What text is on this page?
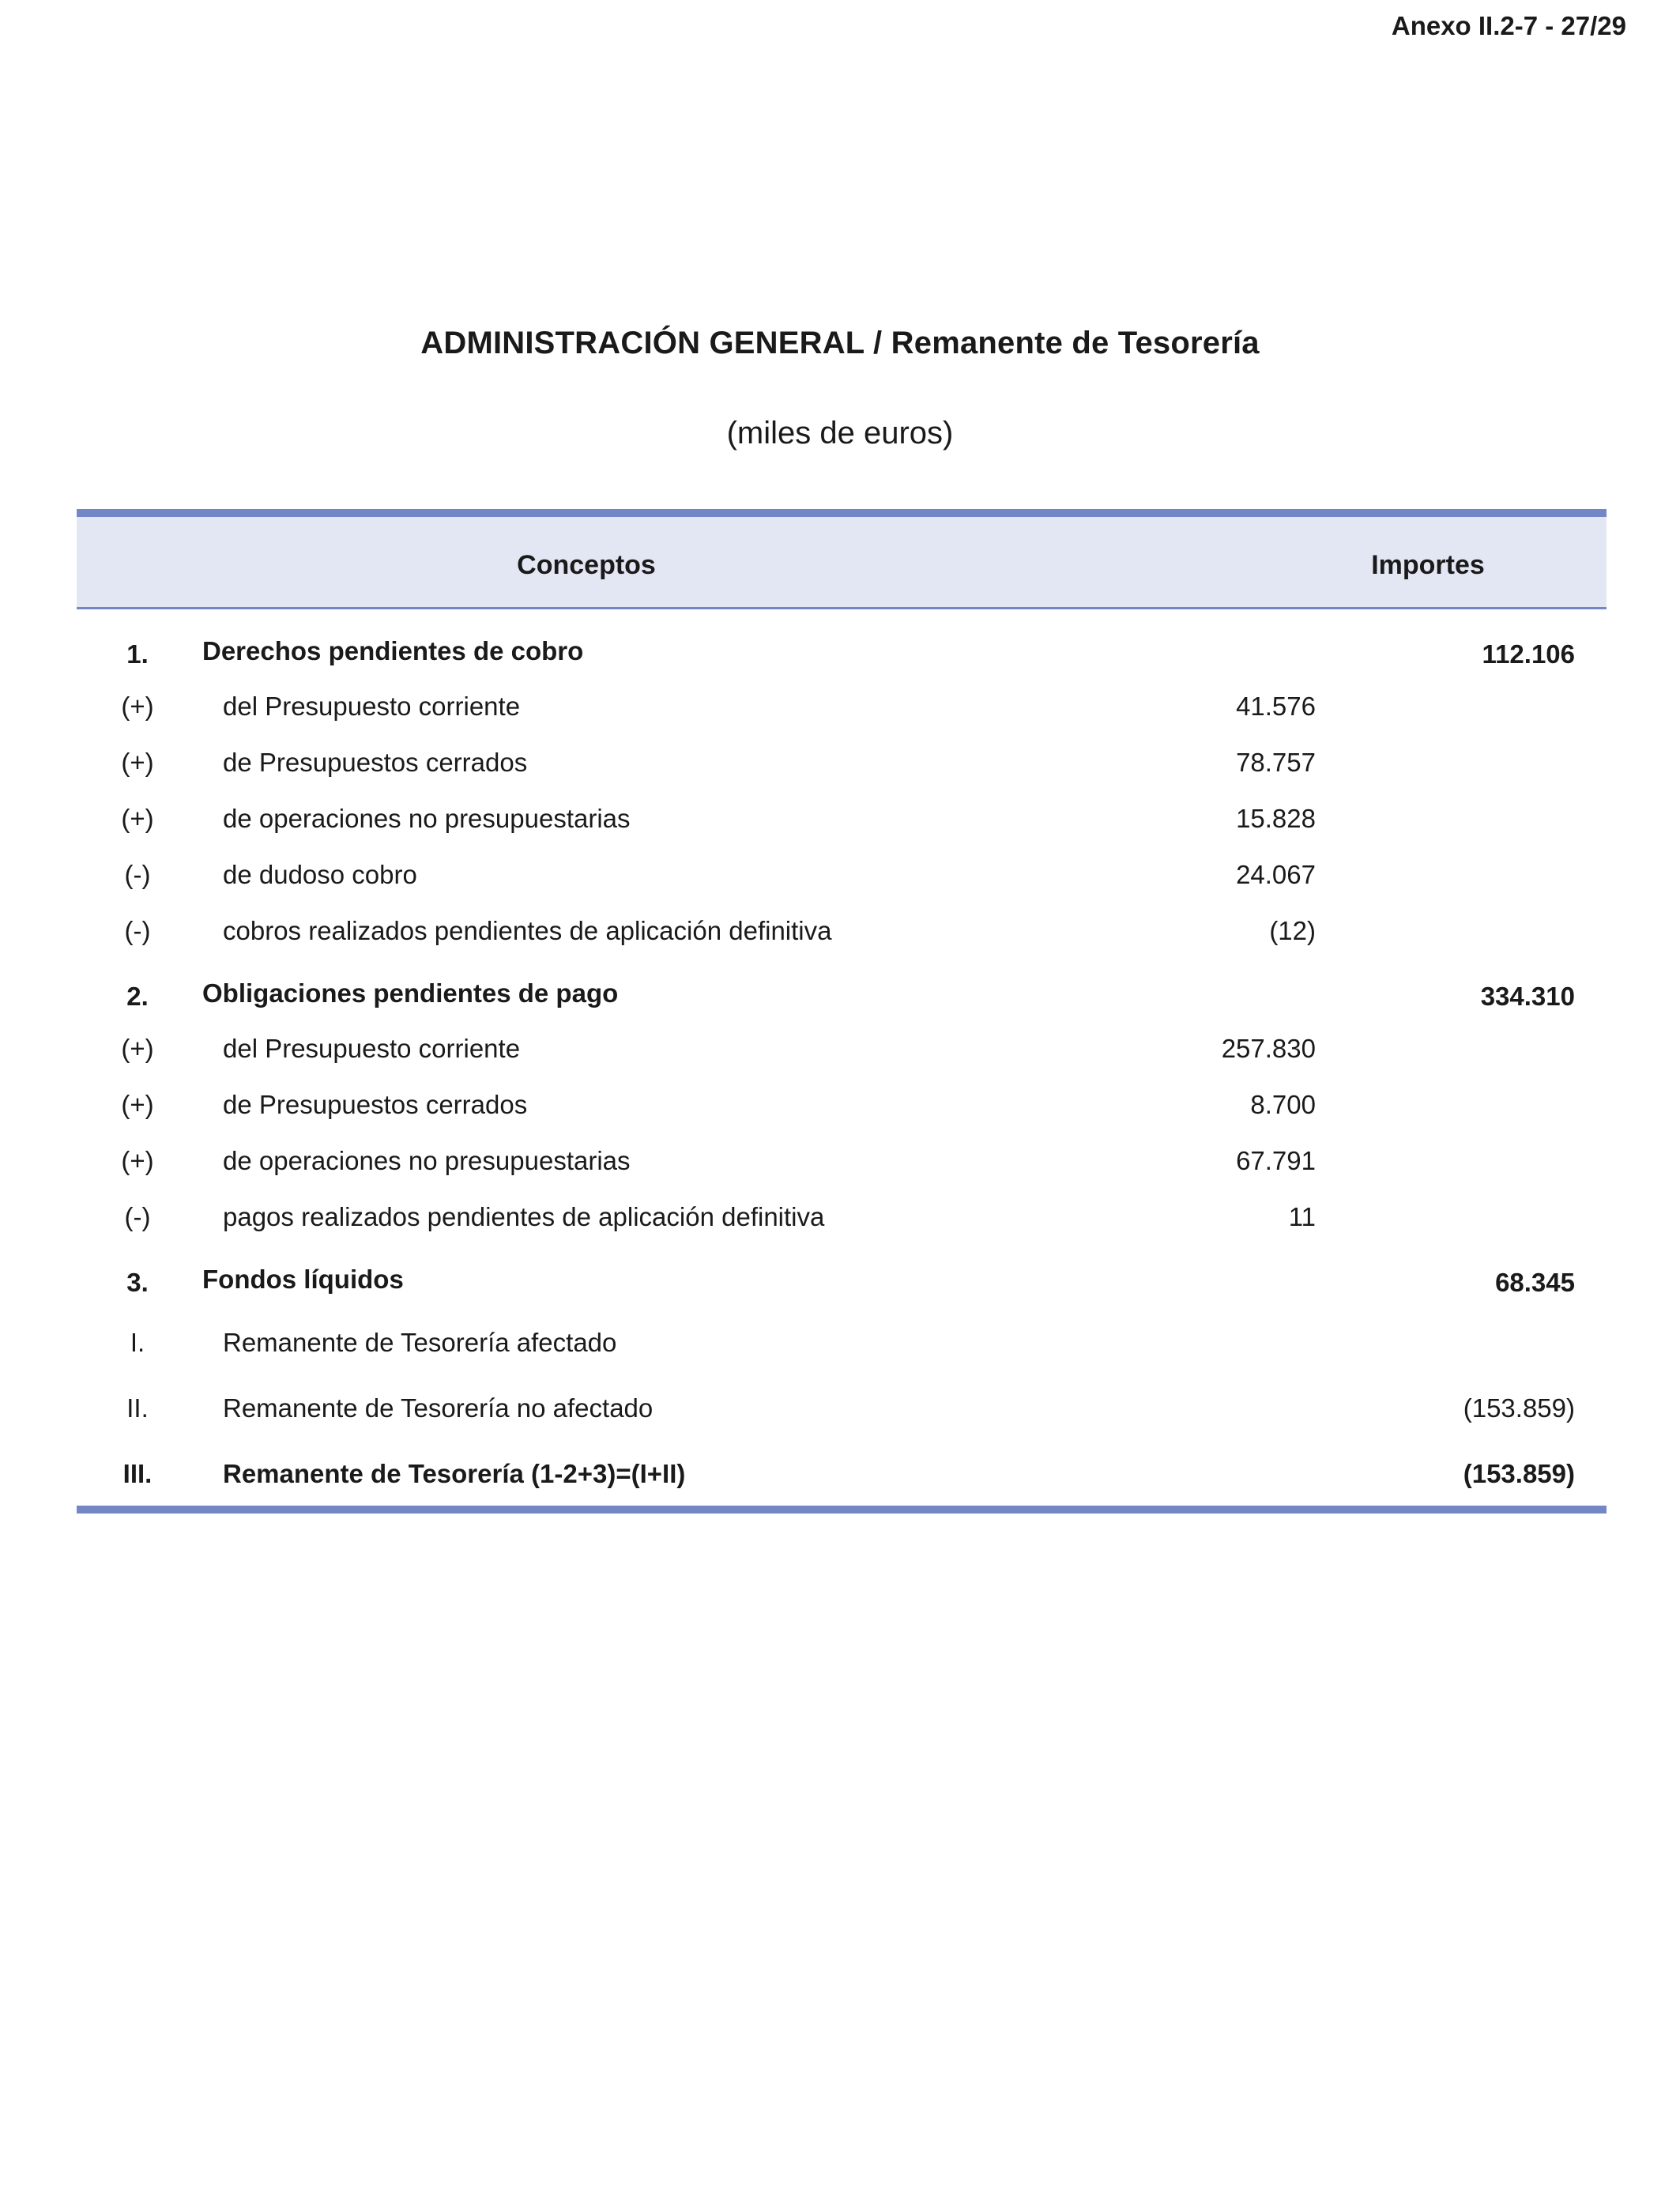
Anexo II.2-7 - 27/29
ADMINISTRACIÓN GENERAL / Remanente de Tesorería
(miles de euros)
Conceptos	Importes
1.	Derechos pendientes de cobro	112.106
(+)	del Presupuesto corriente	41.576
(+)	de Presupuestos cerrados	78.757
(+)	de operaciones no presupuestarias	15.828
(-)	de dudoso cobro	24.067
(-)	cobros realizados pendientes de aplicación definitiva	(12)
2.	Obligaciones pendientes de pago	334.310
(+)	del Presupuesto corriente	257.830
(+)	de Presupuestos cerrados	8.700
(+)	de operaciones no presupuestarias	67.791
(-)	pagos realizados pendientes de aplicación definitiva	11
3.	Fondos líquidos	68.345
I.	Remanente de Tesorería afectado
II.	Remanente de Tesorería no afectado	(153.859)
III.	Remanente de Tesorería (1-2+3)=(I+II)	(153.859)
